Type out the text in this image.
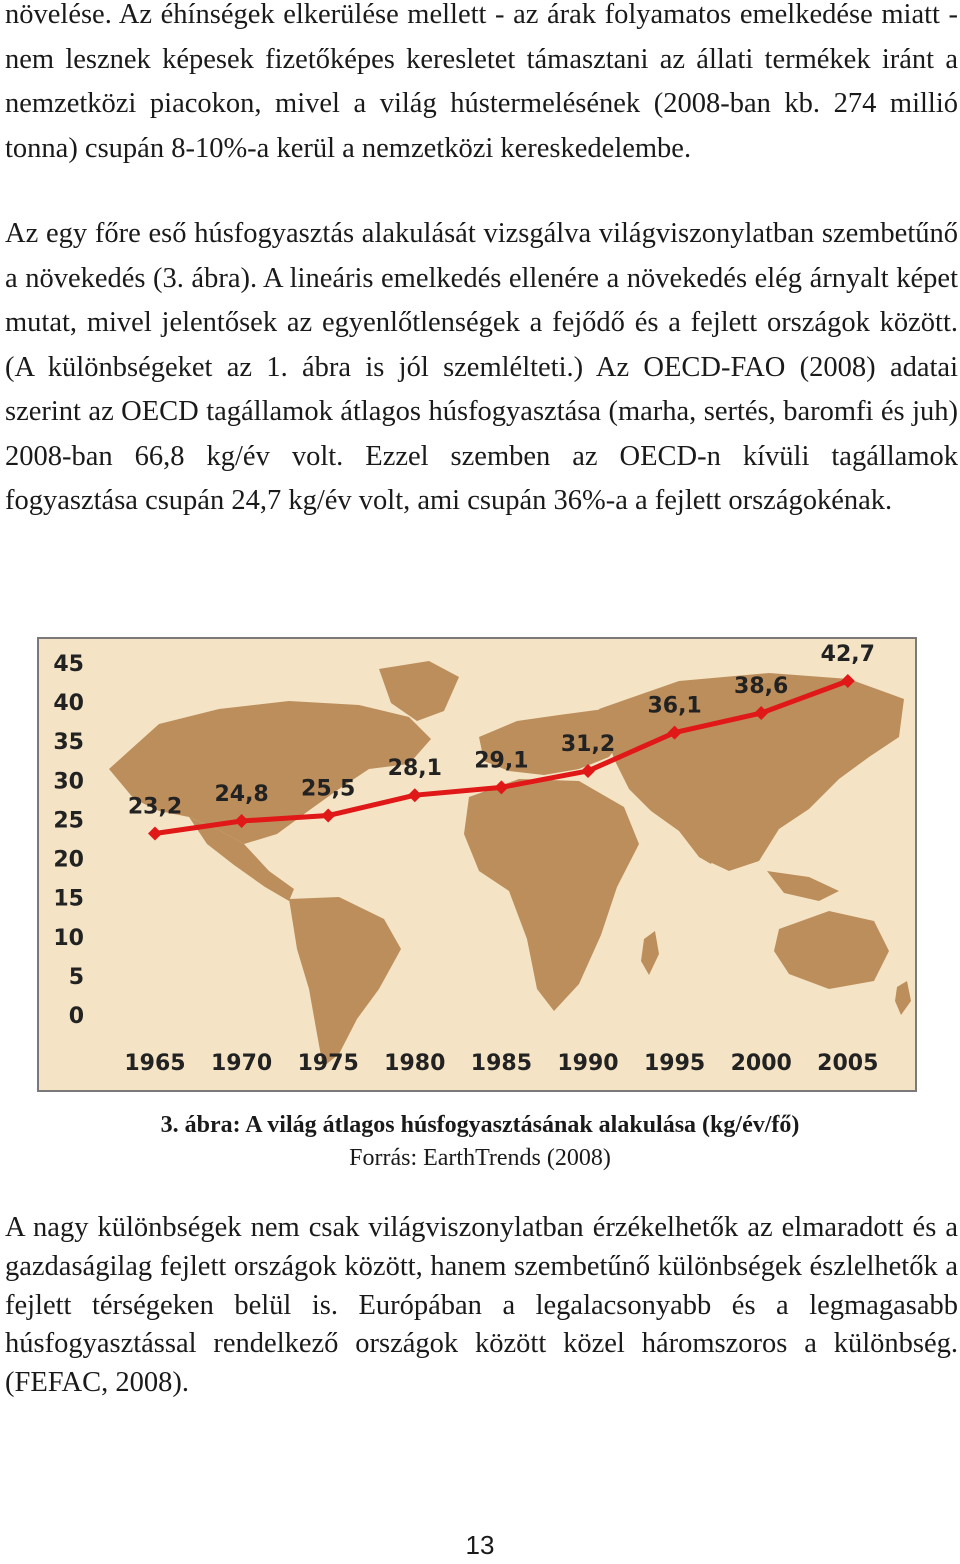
növelése. Az éhínségek elkerülése mellett - az árak folyamatos emelkedése miatt - nem lesznek képesek fizetőképes keresletet támasztani az állati termékek iránt a nemzetközi piacokon, mivel a világ hústermelésének (2008-ban kb. 274 millió tonna) csupán 8-10%-a kerül a nemzetközi kereskedelembe.

45
40
35
30
25
20
15
10
5
0
1965 1970 1975 1980 1985 1990 1995 2000 2005
23,2
24,8 25,5
28,1 29,1
31,2
36,1
38,6
42,7

3. ábra: A világ átlagos húsfogyasztásának alakulása (kg/év/fő)

Forrás: EarthTrends (2008)

Az egy főre eső húsfogyasztás alakulását vizsgálva világviszonylatban szembetűnő a növekedés (3. ábra). A lineáris emelkedés ellenére a növekedés elég árnyalt képet mutat, mivel jelentősek az egyenlőtlenségek a fejődő és a fejlett országok között. (A különbségeket az 1. ábra is jól szemlélteti.) Az OECD-FAO (2008) adatai szerint az OECD tagállamok átlagos húsfogyasztása (marha, sertés, baromfi és juh) 2008-ban 66,8 kg/év volt. Ezzel szemben az OECD-n kívüli tagállamok fogyasztása csupán 24,7 kg/év volt, ami csupán 36%-a a fejlett országokénak.

A nagy különbségek nem csak világviszonylatban érzékelhetők az elmaradott és a gazdaságilag fejlett országok között, hanem szembetűnő különbségek észlelhetők a fejlett térségeken belül is. Európában a legalacsonyabb és a legmagasabb húsfogyasztással rendelkező országok között közel háromszoros a különbség. (FEFAC, 2008).

13
